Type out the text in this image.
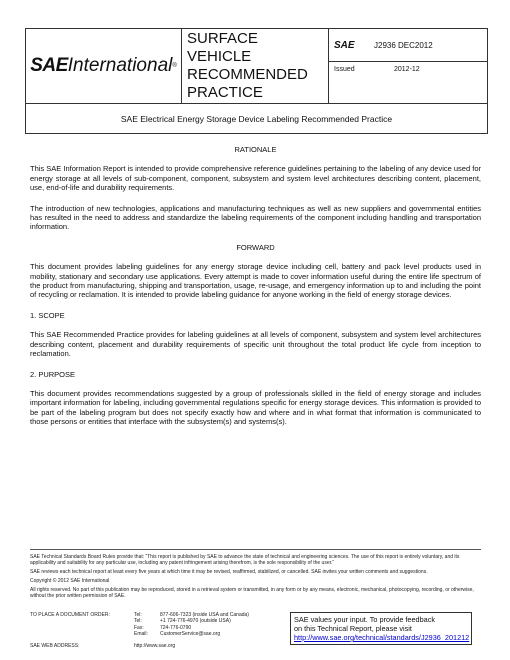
SAE International ®
SURFACE
VEHICLE
RECOMMENDED
PRACTICE
SAE J2936 DEC2012
Issued	2012-12
SAE Electrical Energy Storage Device Labeling Recommended Practice
RATIONALE

This SAE Information Report is intended to provide comprehensive reference guidelines pertaining to the labeling of any device used for energy storage at all levels of sub-component, component, subsystem and system level architectures describing content, placement, use, end-of-life and durability requirements.

The introduction of new technologies, applications and manufacturing techniques as well as new suppliers and governmental entities has resulted in the need to address and standardize the labeling requirements of the component including handling and transportation information.

FORWARD

This document provides labeling guidelines for any energy storage device including cell, battery and pack level products used in mobility, stationary and secondary use applications. Every attempt is made to cover information useful during the entire life spectrum of the product from manufacturing, shipping and transportation, usage, re-usage, and emergency information up to and including the point of recycling or reclamation. It is intended to provide labeling guidance for anyone working in the field of energy storage devices.

1. SCOPE

This SAE Recommended Practice provides for labeling guidelines at all levels of component, subsystem and system level architectures describing content, placement and durability requirements of specific unit throughout the total product life cycle from inception to reclamation.

2. PURPOSE

This document provides recommendations suggested by a group of professionals skilled in the field of energy storage and includes important information for labeling, including governmental regulations specific for energy storage devices. This information is provided to be part of the labeling program but does not specify exactly how and where and in what format that information is communicated to those persons or entities that interface with the subsystem(s) and systems(s).

SAE Technical Standards Board Rules provide that: “This report is published by SAE to advance the state of technical and engineering sciences. The use of this report is entirely voluntary, and its applicability and suitability for any particular use, including any patent infringement arising therefrom, is the sole responsibility of the user.”

SAE reviews each technical report at least every five years at which time it may be revised, reaffirmed, stabilized, or cancelled. SAE invites your written comments and suggestions.

Copyright © 2012 SAE International

All rights reserved. No part of this publication may be reproduced, stored in a retrieval system or transmitted, in any form or by any means, electronic, mechanical, photocopying, recording, or otherwise, without the prior written permission of SAE.

TO PLACE A DOCUMENT ORDER:	Tel:	877-606-7323 (inside USA and Canada)
Tel:	+1 724-776-4970 (outside USA)
Fax:	724-776-0790
Email:	CustomerService@sae.org
SAE WEB ADDRESS:	http://www.sae.org
SAE values your input. To provide feedback
on this Technical Report, please visit
http://www.sae.org/technical/standards/J2936_201212
